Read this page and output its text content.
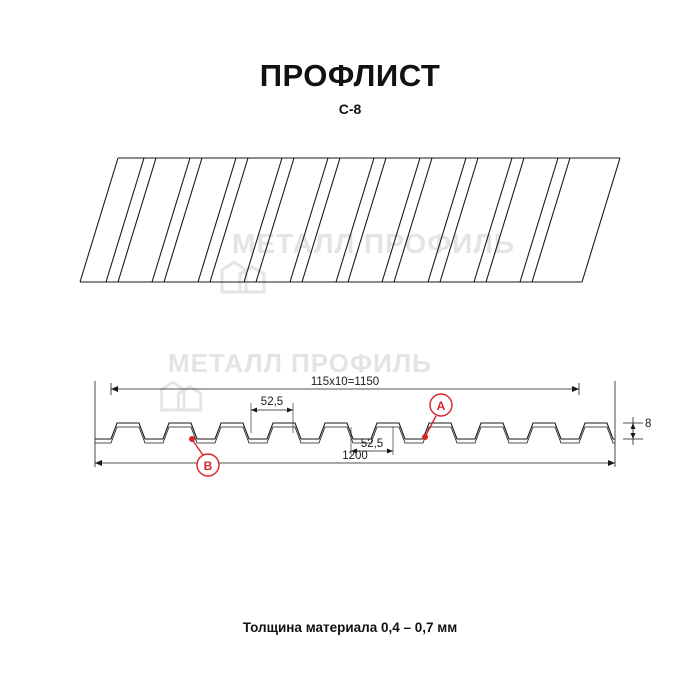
ПРОФЛИСТ
С-8
МЕТАЛЛ ПРОФИЛЬ
МЕТАЛЛ ПРОФИЛЬ
115x10=1150
52,5
52,5
1200
8
A
B
Толщина материала 0,4 – 0,7 мм
